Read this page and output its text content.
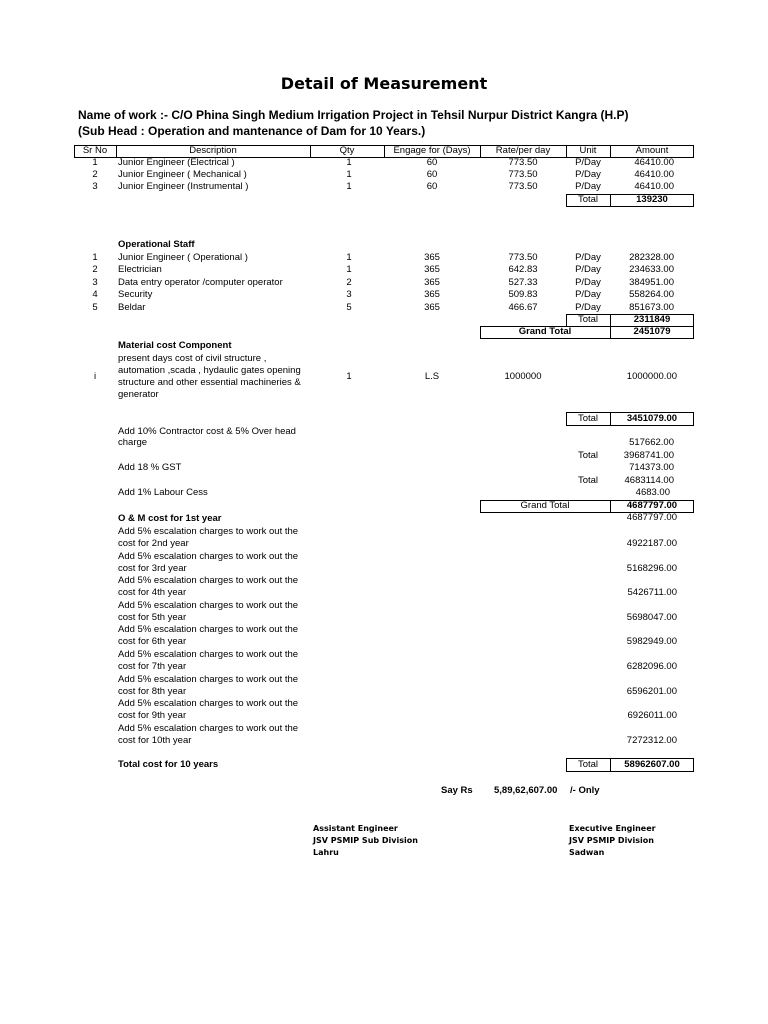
Detail of Measurement
Name of work :- C/O Phina Singh Medium Irrigation Project in Tehsil Nurpur District Kangra (H.P)
(Sub Head : Operation and mantenance of Dam for 10 Years.)
Sr No	Description	Qty	Engage for (Days)	Rate/per day	Unit	Amount
1	Junior Engineer (Electrical )	1	60	773.50	P/Day	46410.00
2	Junior Engineer ( Mechanical )	1	60	773.50	P/Day	46410.00
3	Junior Engineer (Instrumental )	1	60	773.50	P/Day	46410.00
Total	139230
Operational Staff
1	Junior Engineer ( Operational )	1	365	773.50	P/Day	282328.00
2	Electrician	1	365	642.83	P/Day	234633.00
3	Data entry operator /computer operator	2	365	527.33	P/Day	384951.00
4	Security	3	365	509.83	P/Day	558264.00
5	Beldar	5	365	466.67	P/Day	851673.00
Total	2311849
Grand Total	2451079
Material cost Component
present days cost of civil structure ,
automation ,scada , hydaulic gates opening
structure and other essential machineries &
generator
i	1	L.S	1000000	1000000.00
Total	3451079.00
Add 10% Contractor cost & 5% Over head
charge	517662.00
Total	3968741.00
Add 18 % GST	714373.00
Total	4683114.00
Add 1% Labour Cess	4683.00
Grand Total	4687797.00
O & M cost for 1st year	4687797.00
Add 5% escalation charges to work out the
cost for 2nd year	4922187.00
Add 5% escalation charges to work out the
cost for 3rd year	5168296.00
Add 5% escalation charges to work out the
cost for 4th year	5426711.00
Add 5% escalation charges to work out the
cost for 5th year	5698047.00
Add 5% escalation charges to work out the
cost for 6th year	5982949.00
Add 5% escalation charges to work out the
cost for 7th year	6282096.00
Add 5% escalation charges to work out the
cost for 8th year	6596201.00
Add 5% escalation charges to work out the
cost for 9th year	6926011.00
Add 5% escalation charges to work out the
cost for 10th year	7272312.00
Total cost for 10 years	Total	58962607.00
Say Rs 5,89,62,607.00 /- Only
Assistant Engineer
JSV PSMIP Sub Division
Lahru
Executive Engineer
JSV PSMIP Division
Sadwan
